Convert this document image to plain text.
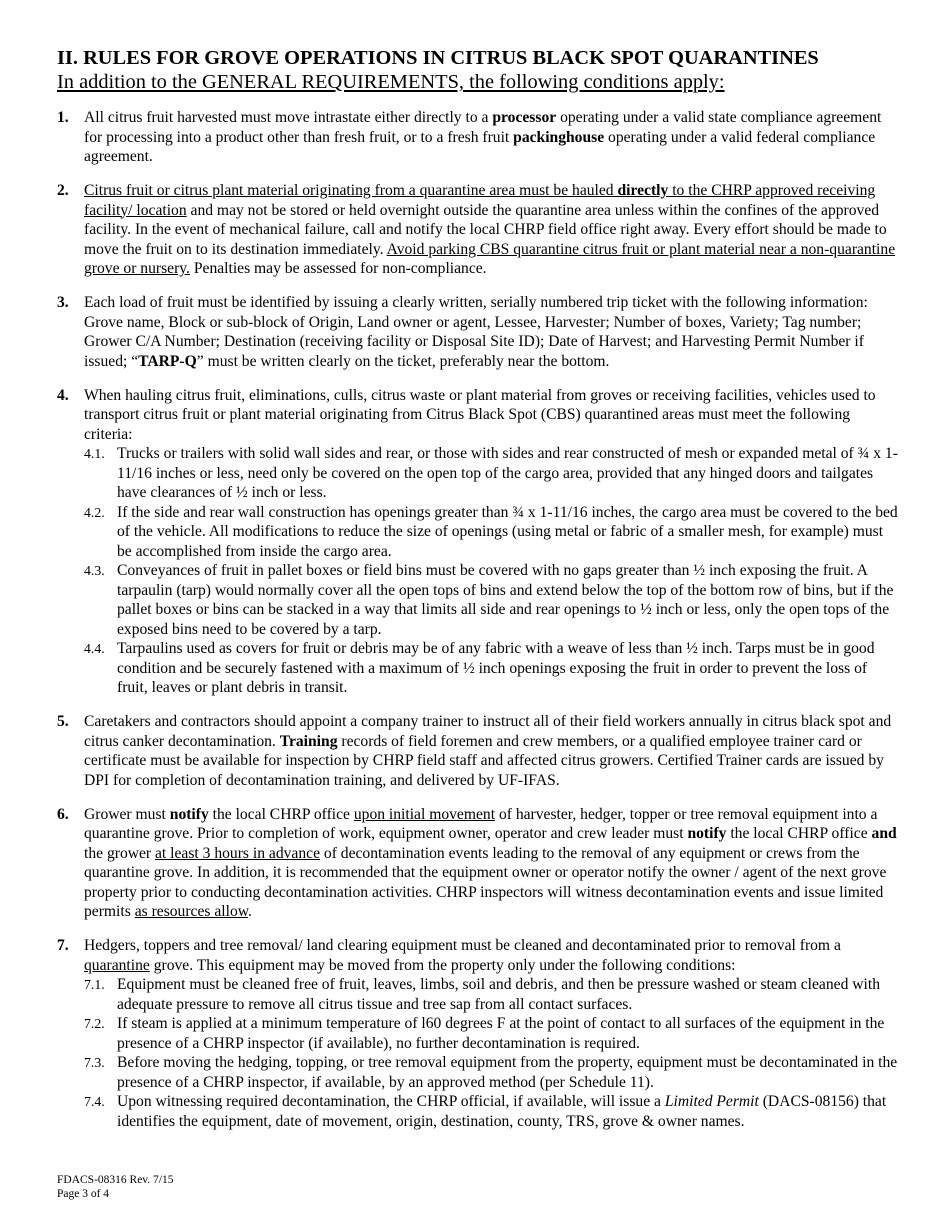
II. RULES FOR GROVE OPERATIONS IN CITRUS BLACK SPOT QUARANTINES
In addition to the GENERAL REQUIREMENTS, the following conditions apply:
1. All citrus fruit harvested must move intrastate either directly to a processor operating under a valid state compliance agreement for processing into a product other than fresh fruit, or to a fresh fruit packinghouse operating under a valid federal compliance agreement.
2. Citrus fruit or citrus plant material originating from a quarantine area must be hauled directly to the CHRP approved receiving facility/ location and may not be stored or held overnight outside the quarantine area unless within the confines of the approved facility. In the event of mechanical failure, call and notify the local CHRP field office right away. Every effort should be made to move the fruit on to its destination immediately. Avoid parking CBS quarantine citrus fruit or plant material near a non-quarantine grove or nursery. Penalties may be assessed for non-compliance.
3. Each load of fruit must be identified by issuing a clearly written, serially numbered trip ticket with the following information: Grove name, Block or sub-block of Origin, Land owner or agent, Lessee, Harvester; Number of boxes, Variety; Tag number; Grower C/A Number; Destination (receiving facility or Disposal Site ID); Date of Harvest; and Harvesting Permit Number if issued; “TARP-Q” must be written clearly on the ticket, preferably near the bottom.
4. When hauling citrus fruit, eliminations, culls, citrus waste or plant material from groves or receiving facilities, vehicles used to transport citrus fruit or plant material originating from Citrus Black Spot (CBS) quarantined areas must meet the following criteria:
4.1. Trucks or trailers with solid wall sides and rear, or those with sides and rear constructed of mesh or expanded metal of ¾ x 1-11/16 inches or less, need only be covered on the open top of the cargo area, provided that any hinged doors and tailgates have clearances of ½ inch or less.
4.2. If the side and rear wall construction has openings greater than ¾ x 1-11/16 inches, the cargo area must be covered to the bed of the vehicle. All modifications to reduce the size of openings (using metal or fabric of a smaller mesh, for example) must be accomplished from inside the cargo area.
4.3. Conveyances of fruit in pallet boxes or field bins must be covered with no gaps greater than ½ inch exposing the fruit. A tarpaulin (tarp) would normally cover all the open tops of bins and extend below the top of the bottom row of bins, but if the pallet boxes or bins can be stacked in a way that limits all side and rear openings to ½ inch or less, only the open tops of the exposed bins need to be covered by a tarp.
4.4. Tarpaulins used as covers for fruit or debris may be of any fabric with a weave of less than ½ inch. Tarps must be in good condition and be securely fastened with a maximum of ½ inch openings exposing the fruit in order to prevent the loss of fruit, leaves or plant debris in transit.
5. Caretakers and contractors should appoint a company trainer to instruct all of their field workers annually in citrus black spot and citrus canker decontamination. Training records of field foremen and crew members, or a qualified employee trainer card or certificate must be available for inspection by CHRP field staff and affected citrus growers. Certified Trainer cards are issued by DPI for completion of decontamination training, and delivered by UF-IFAS.
6. Grower must notify the local CHRP office upon initial movement of harvester, hedger, topper or tree removal equipment into a quarantine grove. Prior to completion of work, equipment owner, operator and crew leader must notify the local CHRP office and the grower at least 3 hours in advance of decontamination events leading to the removal of any equipment or crews from the quarantine grove. In addition, it is recommended that the equipment owner or operator notify the owner / agent of the next grove property prior to conducting decontamination activities. CHRP inspectors will witness decontamination events and issue limited permits as resources allow.
7. Hedgers, toppers and tree removal/ land clearing equipment must be cleaned and decontaminated prior to removal from a quarantine grove. This equipment may be moved from the property only under the following conditions:
7.1. Equipment must be cleaned free of fruit, leaves, limbs, soil and debris, and then be pressure washed or steam cleaned with adequate pressure to remove all citrus tissue and tree sap from all contact surfaces.
7.2. If steam is applied at a minimum temperature of l60 degrees F at the point of contact to all surfaces of the equipment in the presence of a CHRP inspector (if available), no further decontamination is required.
7.3. Before moving the hedging, topping, or tree removal equipment from the property, equipment must be decontaminated in the presence of a CHRP inspector, if available, by an approved method (per Schedule 11).
7.4. Upon witnessing required decontamination, the CHRP official, if available, will issue a Limited Permit (DACS-08156) that identifies the equipment, date of movement, origin, destination, county, TRS, grove & owner names.
FDACS-08316 Rev. 7/15
Page 3 of 4
